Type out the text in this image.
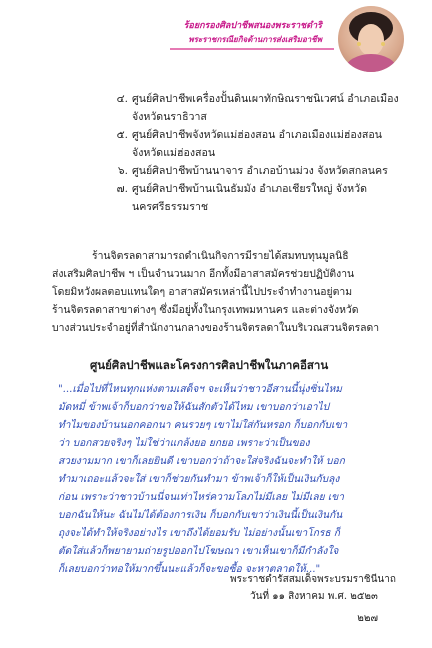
ร้อยกรองศิลปาชีพสนองพระราชดำริ
พระราชกรณียกิจด้านการส่งเสริมอาชีพ
๔. ศูนย์ศิลปาชีพเครื่องปั้นดินเผาทักษิณราชนิเวศน์ อำเภอเมือง
จังหวัดนราธิวาส
๕. ศูนย์ศิลปาชีพจังหวัดแม่ฮ่องสอน อำเภอเมืองแม่ฮ่องสอน
จังหวัดแม่ฮ่องสอน
๖. ศูนย์ศิลปาชีพบ้านนาจาร อำเภอบ้านม่วง จังหวัดสกลนคร
๗. ศูนย์ศิลปาชีพบ้านเนินธัมมัง อำเภอเชียรใหญ่ จังหวัด
นครศรีธรรมราช
ร้านจิตรลดาสามารถดำเนินกิจการมีรายได้สมทบทุนมูลนิธิ
ส่งเสริมศิลปาชีพ ฯ เป็นจำนวนมาก อีกทั้งมีอาสาสมัครช่วยปฏิบัติงาน
โดยมิหวังผลตอบแทนใดๆ อาสาสมัครเหล่านี้ไปประจำทำงานอยู่ตาม
ร้านจิตรลดาสาขาต่างๆ ซึ่งมีอยู่ทั้งในกรุงเทพมหานคร และต่างจังหวัด
บางส่วนประจำอยู่ที่สำนักงานกลางของร้านจิตรลดาในบริเวณสวนจิตรลดา
ศูนย์ศิลปาชีพและโครงการศิลปาชีพในภาคอีสาน
"...เมื่อไปที่ไหนทุกแห่งตามเสด็จฯ จะเห็นว่าชาวอีสานนี้นุ่งซิ่นไหม
มัดหมี่ ข้าพเจ้าก็บอกว่าขอให้ฉันสักตัวได้ไหม เขาบอกว่าเอาไป
ทำไมของบ้านนอกคอกนา คนรวยๆ เขาไม่ใส่กันหรอก ก็บอกกับเขา
ว่า บอกสวยจริงๆ ไม่ใช่ว่าแกล้งยอ ยกยอ เพราะว่าเป็นของ
สวยงามมาก เขาก็เลยยินดี เขาบอกว่าถ้าจะใส่จริงฉันจะทำให้ บอก
ทำมาเถอะแล้วจะใส่ เขาก็ช่วยกันทำมา ข้าพเจ้าก็ให้เป็นเงินกับลุง
ก่อน เพราะว่าชาวบ้านนี่จนเท่าไหร่ความโลภไม่มีเลย ไม่มีเลย เขา
บอกฉันให้นะ ฉันไม่ได้ต้องการเงิน ก็บอกกับเขาว่าเงินนี้เป็นเงินกัน
ถุงจะได้ทำให้จริงอย่างไร เขาถึงได้ยอมรับ ไม่อย่างนั้นเขาโกรธ ก็
ตัดใส่แล้วก็พยายามถ่ายรูปออกไปโฆษณา เขาเห็นเขาก็มีกำลังใจ
ก็เลยบอกว่าทอให้มากขึ้นนะแล้วก็จะขอซื้อ จะหาตลาดให้..."
พระราชดำรัสสมเด็จพระบรมราชินีนาถ
วันที่ ๑๑ สิงหาคม พ.ศ. ๒๕๒๓
๒๒๗
